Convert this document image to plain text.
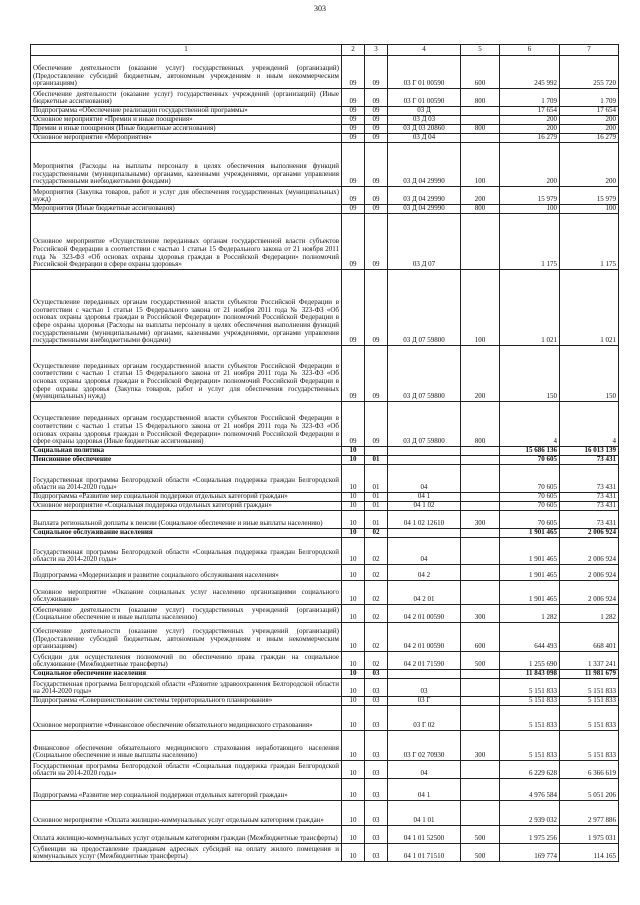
303
1	2	3	4	5	6	7
Обеспечение деятельности (оказание услуг) государственных учреждений (организаций) (Предоставление субсидий бюджетным, автономным учреждениям и иным некоммерческим организациям)	09	09	03 Г 01 00590	600	245 992	255 720
Обеспечение деятельности (оказание услуг) государственных учреждений (организаций) (Иные бюджетные ассигнования)	09	09	03 Г 01 00590	800	1 709	1 709
Подпрограмма «Обеспечение реализации государственной программы»	09	09	03 Д		17 654	17 654
Основное мероприятие «Премии и иные поощрения»	09	09	03 Д 03		200	200
Премии и иные поощрения (Иные бюджетные ассигнования)	09	09	03 Д 03 20860	800	200	200
Основное мероприятие «Мероприятия»	09	09	03 Д 04		16 279	16 279
Мероприятия (Расходы на выплаты персоналу в целях обеспечения выполнения функций государственными (муниципальными) органами, казенными учреждениями, органами управления государственными внебюджетными фондами)	09	09	03 Д 04 29990	100	200	200
Мероприятия (Закупка товаров, работ и услуг для обеспечения государственных (муниципальных) нужд)	09	09	03 Д 04 29990	200	15 979	15 979
Мероприятия (Иные бюджетные ассигнования)	09	09	03 Д 04 29990	800	100	100
Основное мероприятие «Осуществление переданных органам государственной власти субъектов Российской Федерации в соответствии с частью 1 статьи 15 Федерального закона от 21 ноября 2011 года № 323-ФЗ «Об основах охраны здоровья граждан в Российской Федерации» полномочий Российской Федерации в сфере охраны здоровья»	09	09	03 Д 07		1 175	1 175
Осуществление переданных органам государственной власти субъектов Российской Федерации в соответствии с частью 1 статьи 15 Федерального закона от 21 ноября 2011 года № 323-ФЗ «Об основах охраны здоровья граждан в Российской Федерации» полномочий Российской Федерации в сфере охраны здоровья (Расходы на выплаты персоналу в целях обеспечения выполнения функций государственными (муниципальными) органами, казенными учреждениями, органами управления государственными внебюджетными фондами)	09	09	03 Д 07 59800	100	1 021	1 021
Осуществление переданных органам государственной власти субъектов Российской Федерации в соответствии с частью 1 статьи 15 Федерального закона от 21 ноября 2011 года № 323-ФЗ «Об основах охраны здоровья граждан в Российской Федерации» полномочий Российской Федерации в сфере охраны здоровья (Закупка товаров, работ и услуг для обеспечения государственных (муниципальных) нужд)	09	09	03 Д 07 59800	200	150	150
Осуществление переданных органам государственной власти субъектов Российской Федерации в соответствии с частью 1 статьи 15 Федерального закона от 21 ноября 2011 года № 323-ФЗ «Об основах охраны здоровья граждан в Российской Федерации» полномочий Российской Федерации в сфере охраны здоровья (Иные бюджетные ассигнования)	09	09	03 Д 07 59800	800	4	4
Социальная политика	10				15 686 136	16 013 139
Пенсионное обеспечение	10	01			70 605	73 431
Государственная программа Белгородской области «Социальная поддержка граждан Белгородской области на 2014-2020 годы»	10	01	04		70 605	73 431
Подпрограмма «Развитие мер социальной поддержки отдельных категорий граждан»	10	01	04 1		70 605	73 431
Основное мероприятие «Социальная поддержка отдельных категорий граждан»	10	01	04 1 02		70 605	73 431
Выплата региональной доплаты к пенсии (Социальное обеспечение и иные выплаты населению)	10	01	04 1 02 12610	300	70 605	73 431
Социальное обслуживание населения	10	02			1 901 465	2 006 924
Государственная программа Белгородской области «Социальная поддержка граждан Белгородской области на 2014-2020 годы»	10	02	04		1 901 465	2 006 924
Подпрограмма «Модернизация и развитие социального обслуживания населения»	10	02	04 2		1 901 465	2 006 924
Основное мероприятие «Оказание социальных услуг населению организациями социального обслуживания»	10	02	04 2 01		1 901 465	2 006 924
Обеспечение деятельности (оказание услуг) государственных учреждений (организаций) (Социальное обеспечение и иные выплаты населению)	10	02	04 2 01 00590	300	1 282	1 282
Обеспечение деятельности (оказание услуг) государственных учреждений (организаций) (Предоставление субсидий бюджетным, автономным учреждениям и иным некоммерческим организациям)	10	02	04 2 01 00590	600	644 493	668 401
Субсидии для осуществления полномочий по обеспечению права граждан на социальное обслуживание (Межбюджетные трансферты)	10	02	04 2 01 71590	500	1 255 690	1 337 241
Социальное обеспечение населения	10	03			11 843 098	11 981 679
Государственная программа Белгородской области «Развитие здравоохранения Белгородской области на 2014-2020 годы»	10	03	03		5 151 833	5 151 833
Подпрограмма «Совершенствование системы территориального планирования»	10	03	03 Г		5 151 833	5 151 833
Основное мероприятие «Финансовое обеспечение обязательного медицинского страхования»	10	03	03 Г 02		5 151 833	5 151 833
Финансовое обеспечение обязательного медицинского страхования неработающего населения (Социальное обеспечение и иные выплаты населению)	10	03	03 Г 02 70930	300	5 151 833	5 151 833
Государственная программа Белгородской области «Социальная поддержка граждан Белгородской области на 2014-2020 годы»	10	03	04		6 229 628	6 366 619
Подпрограмма «Развитие мер социальной поддержки отдельных категорий граждан»	10	03	04 1		4 976 584	5 051 206
Основное мероприятие «Оплата жилищно-коммунальных услуг отдельным категориям граждан»	10	03	04 1 01		2 939 032	2 977 886
Оплата жилищно-коммунальных услуг отдельным категориям граждан (Межбюджетные трансферты)	10	03	04 1 01 52500	500	1 975 256	1 975 031
Субвенции на предоставление гражданам адресных субсидий на оплату жилого помещения и коммунальных услуг (Межбюджетные трансферты)	10	03	04 1 01 71510	500	169 774	114 165
